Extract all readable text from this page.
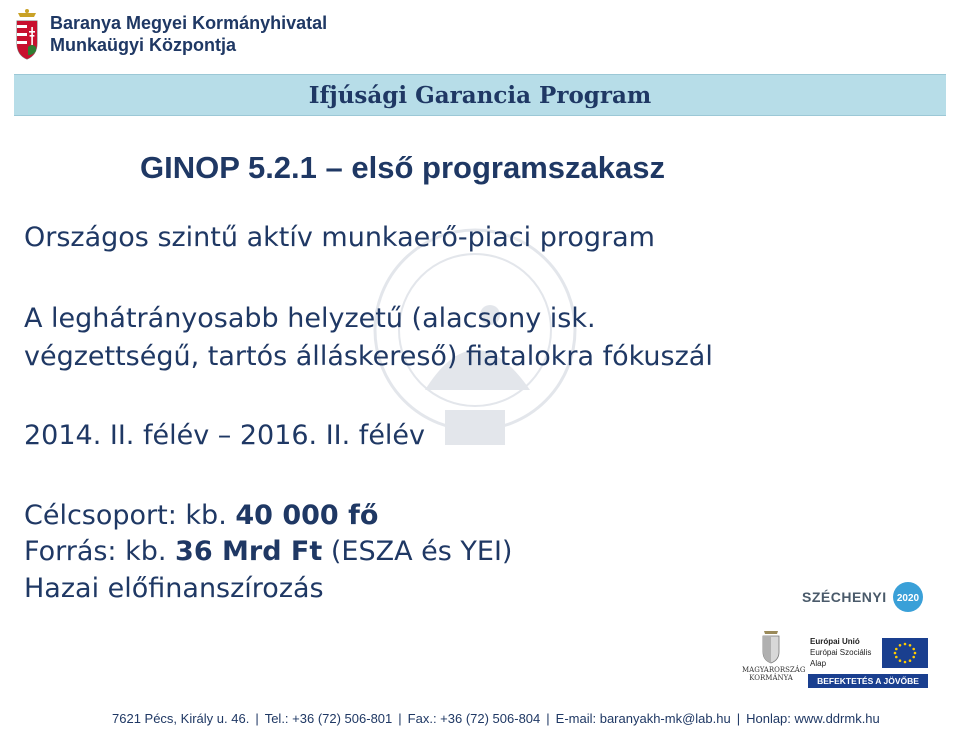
Baranya Megyei Kormányhivatal
Munkaügyi Központja
Ifjúsági Garancia Program
GINOP 5.2.1 – első programszakasz
Országos szintű aktív munkaerő-piaci program
A leghátrányosabb helyzetű (alacsony isk.
végzettségű, tartós álláskereső) fiatalokra fókuszál
2014. II. félév – 2016. II. félév
Célcsoport: kb. 40 000 fő
Forrás: kb. 36 Mrd Ft (ESZA és YEI)
Hazai előfinanszírozás	SZÉCHENYI 2020
MAGYARORSZÁG
KORMÁNYA
Európai Unió
Európai Szociális
Alap
BEFEKTETÉS A JÖVŐBE
7621 Pécs, Király u. 46. | Tel.: +36 (72) 506-801 | Fax.: +36 (72) 506-804 | E-mail: baranyakh-mk@lab.hu | Honlap: www.ddrmk.hu
